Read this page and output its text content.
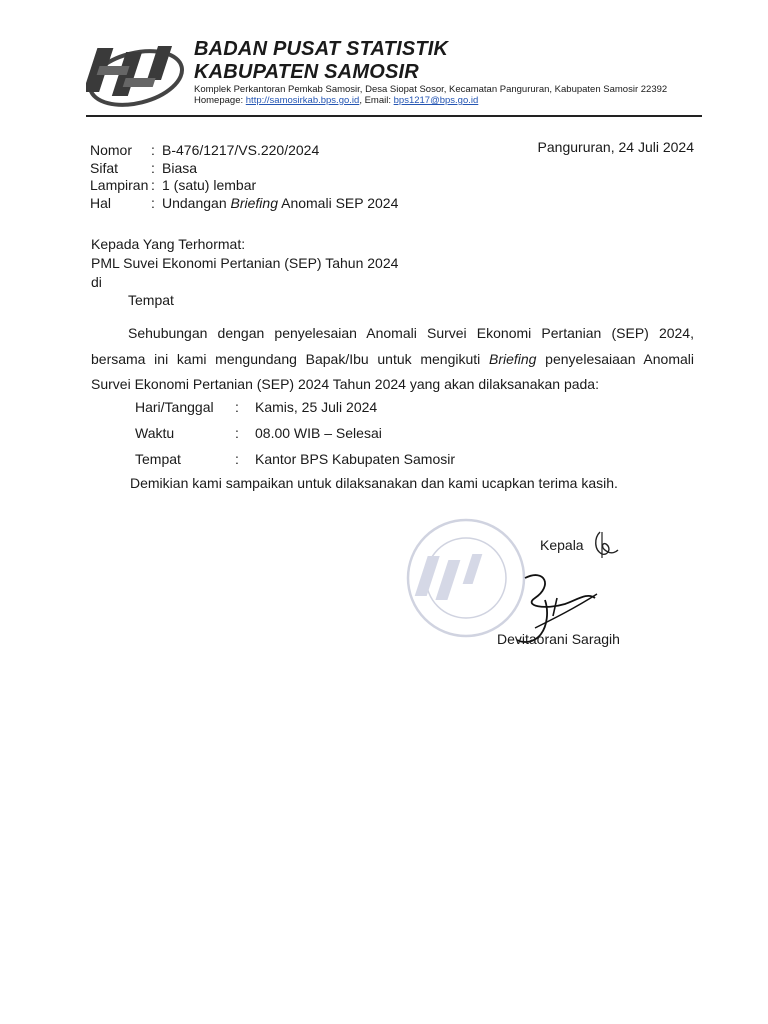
BADAN PUSAT STATISTIK
KABUPATEN SAMOSIR
Komplek Perkantoran Pemkab Samosir, Desa Siopat Sosor, Kecamatan Pangururan, Kabupaten Samosir 22392
Homepage: http://samosirkab.bps.go.id, Email: bps1217@bps.go.id
Nomor : B-476/1217/VS.220/2024	Pangururan, 24 Juli 2024
Sifat : Biasa
Lampiran : 1 (satu) lembar
Hal	: Undangan Briefing Anomali SEP 2024
Kepada Yang Terhormat:
PML Suvei Ekonomi Pertanian (SEP) Tahun 2024
di
Tempat
Sehubungan dengan penyelesaian Anomali Survei Ekonomi Pertanian (SEP) 2024, bersama ini kami mengundang Bapak/Ibu untuk mengikuti Briefing penyelesaiaan Anomali Survei Ekonomi Pertanian (SEP) 2024 Tahun 2024 yang akan dilaksanakan pada:
Hari/Tanggal : Kamis, 25 Juli 2024
Waktu	: 08.00 WIB – Selesai
Tempat	: Kantor BPS Kabupaten Samosir
Demikian kami sampaikan untuk dilaksanakan dan kami ucapkan terima kasih.
Kepala
Devitaorani Saragih
